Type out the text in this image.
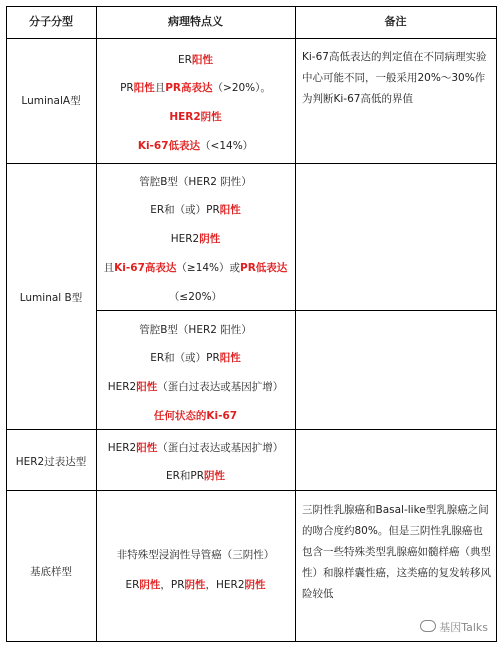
分子分型	病理特点义	备注
LuminalA型
ER阳性
PR阳性且PR高表达（>20%）。
HER2阴性
Ki-67低表达（<14%）
Ki-67高低表达的判定值在不同病理实验中心可能不同，一般采用20%～30%作为判断Ki-67高低的界值
Luminal B型
管腔B型（HER2 阴性）
ER和（或）PR阳性
HER2阴性
且Ki-67高表达（≥14%）或PR低表达
（≤20%）
管腔B型（HER2 阳性）
ER和（或）PR阳性
HER2阳性（蛋白过表达或基因扩增）
任何状态的Ki-67
HER2过表达型
HER2阳性（蛋白过表达或基因扩增）
ER和PR阴性
基底样型
非特殊型浸润性导管癌（三阴性）
ER阴性，PR阴性，HER2阴性
三阴性乳腺癌和Basal-like型乳腺癌之间的吻合度约80%。但是三阴性乳腺癌也包含一些特殊类型乳腺癌如髓样癌（典型性）和腺样囊性癌，这类癌的复发转移风险较低
基因Talks
